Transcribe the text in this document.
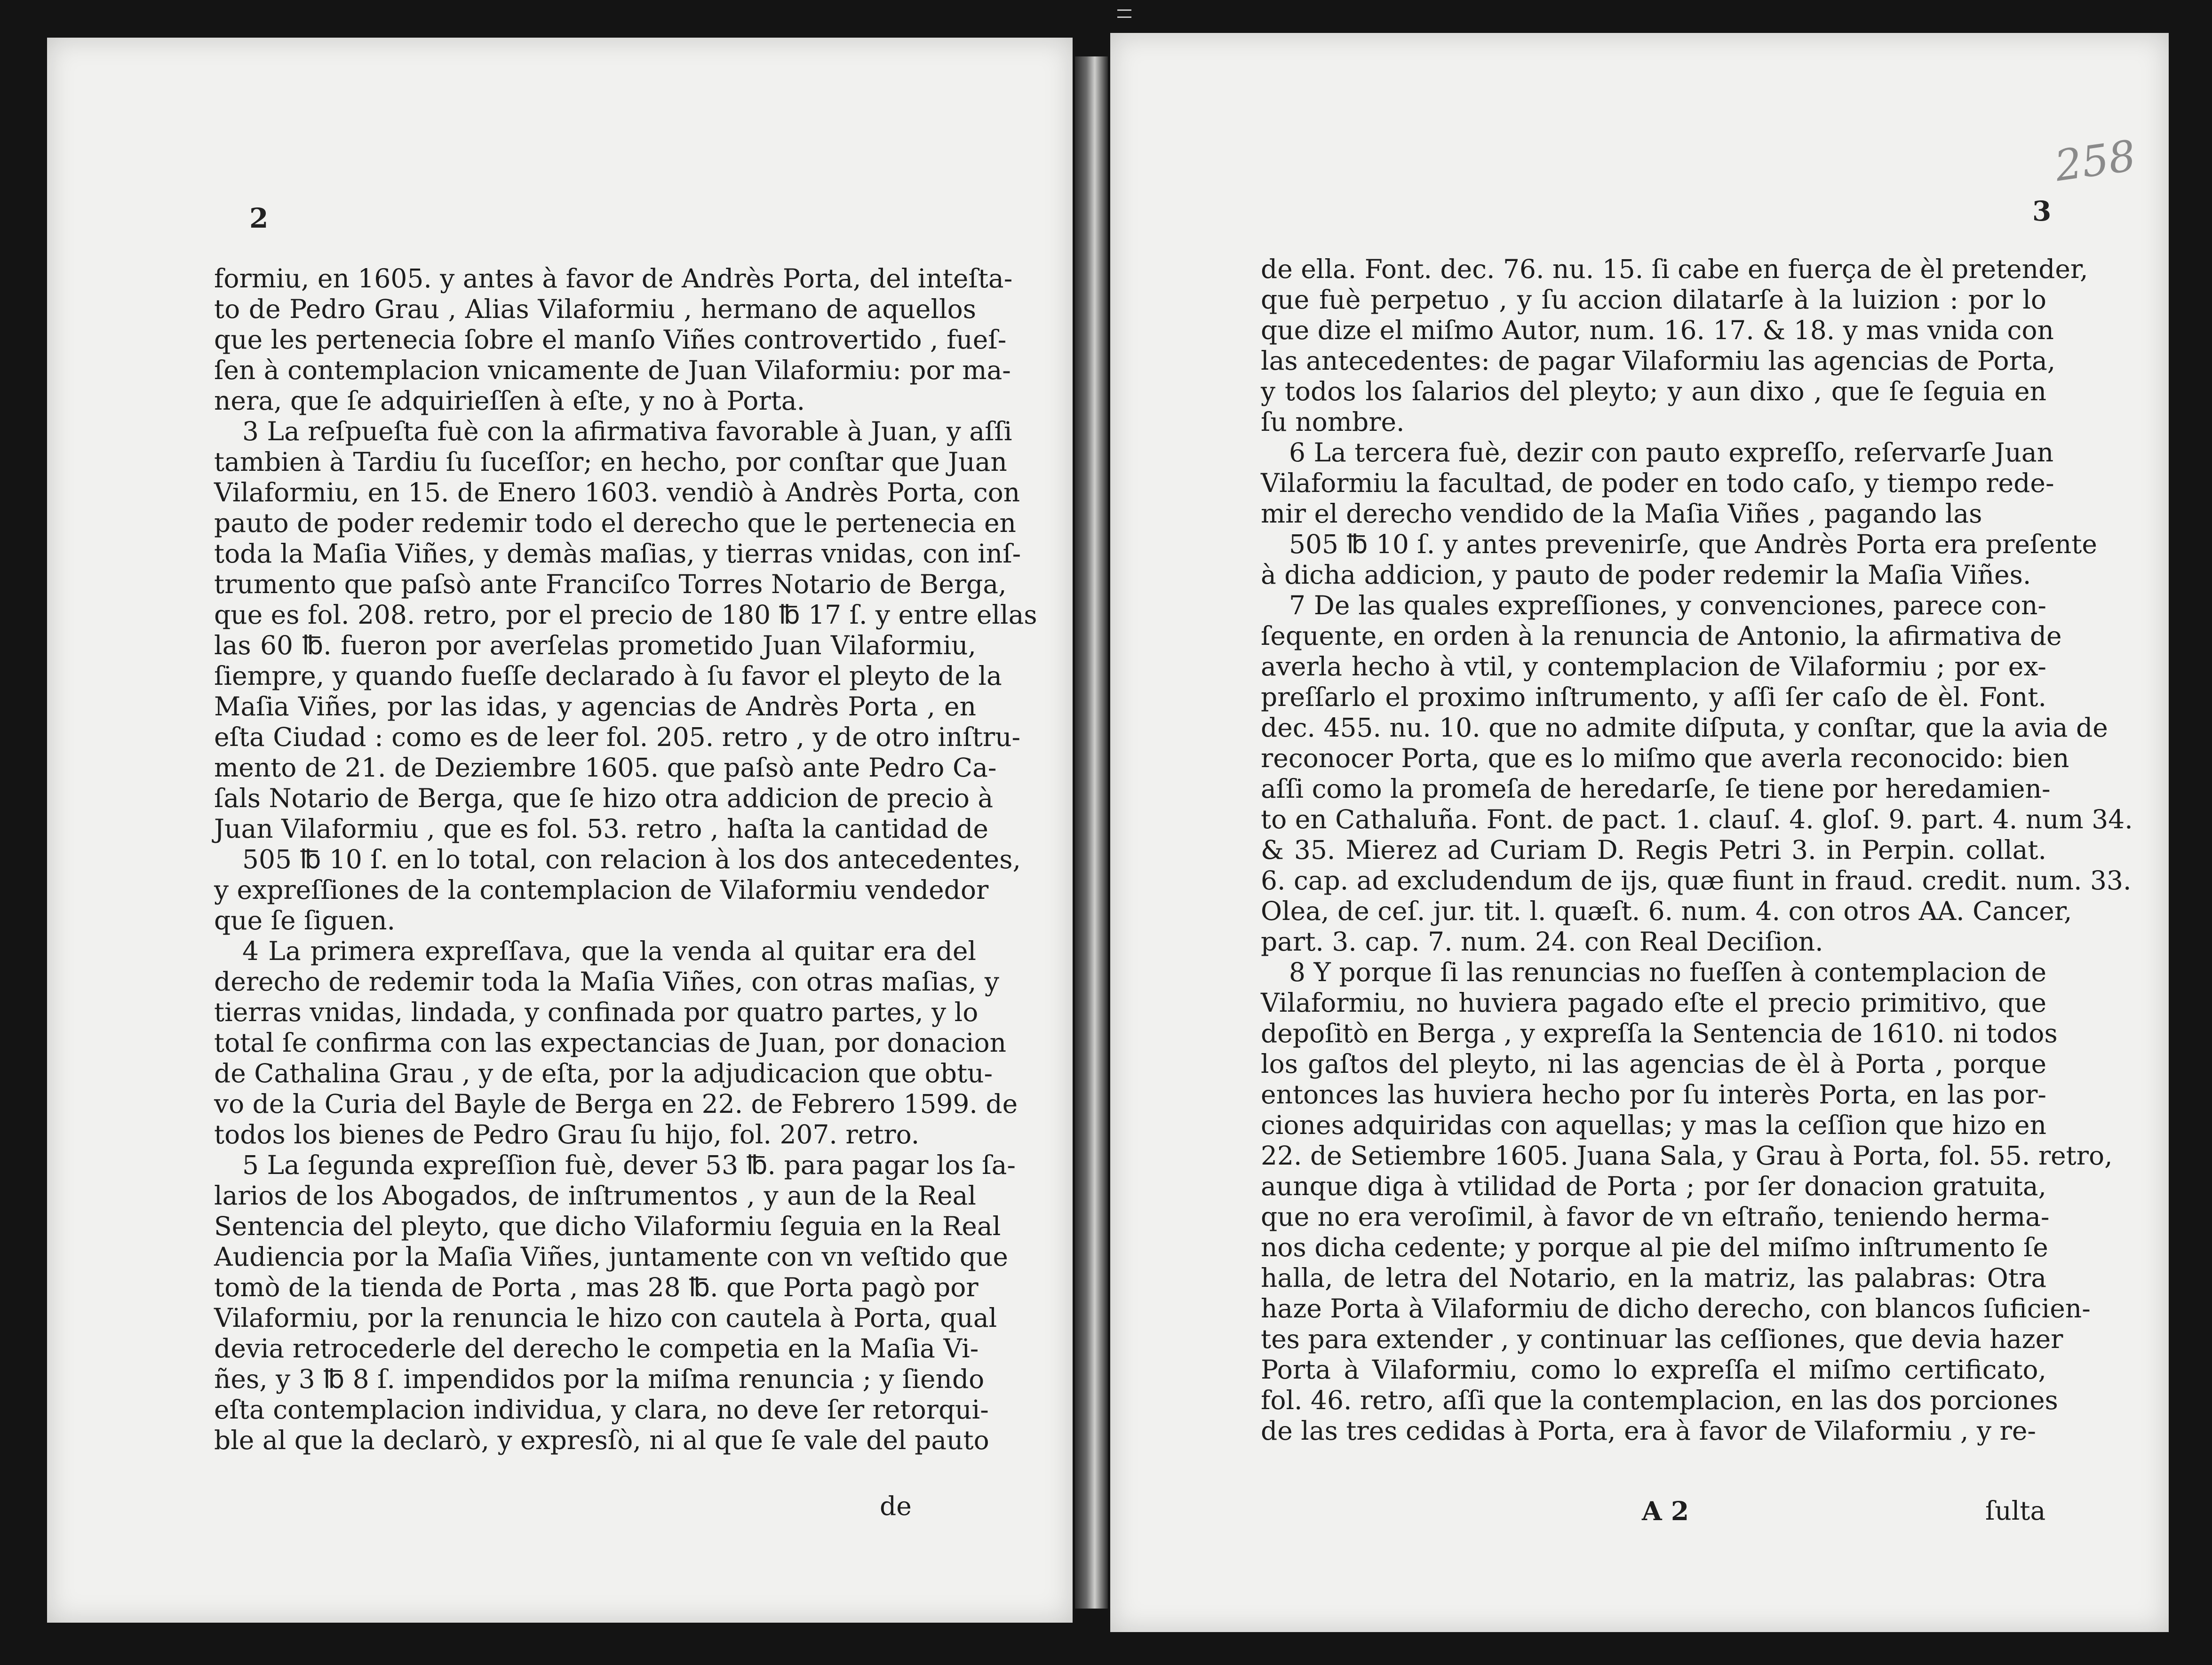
2
formiu, en 1605. y antes à favor de Andrès Porta, del inteſta-
to de Pedro Grau , Alias Vilaformiu , hermano de aquellos
que les pertenecia ſobre el manſo Viñes controvertido , fueſ-
ſen à contemplacion vnicamente de Juan Vilaformiu: por ma-
nera, que ſe adquirieſſen à eſte, y no à Porta.
3 La reſpueſta fuè con la afirmativa favorable à Juan, y aſſi
tambien à Tardiu ſu ſuceſſor; en hecho, por conſtar que Juan
Vilaformiu, en 15. de Enero 1603. vendiò à Andrès Porta, con
pauto de poder redemir todo el derecho que le pertenecia en
toda la Maſia Viñes, y demàs maſias, y tierras vnidas, con inſ-
trumento que paſsò ante Franciſco Torres Notario de Berga,
que es fol. 208. retro, por el precio de 180 ℔ 17 ſ. y entre ellas
las 60 ℔. fueron por averſelas prometido Juan Vilaformiu,
ſiempre, y quando fueſſe declarado à ſu favor el pleyto de la
Maſia Viñes, por las idas, y agencias de Andrès Porta , en
eſta Ciudad : como es de leer fol. 205. retro , y de otro inſtru-
mento de 21. de Deziembre 1605. que paſsò ante Pedro Ca-
ſals Notario de Berga, que ſe hizo otra addicion de precio à
Juan Vilaformiu , que es fol. 53. retro , haſta la cantidad de
505 ℔ 10 ſ. en lo total, con relacion à los dos antecedentes,
y expreſſiones de la contemplacion de Vilaformiu vendedor
que ſe ſiguen.
4 La primera expreſſava, que la venda al quitar era del
derecho de redemir toda la Maſia Viñes, con otras maſias, y
tierras vnidas, lindada, y confinada por quatro partes, y lo
total ſe confirma con las expectancias de Juan, por donacion
de Cathalina Grau , y de eſta, por la adjudicacion que obtu-
vo de la Curia del Bayle de Berga en 22. de Febrero 1599. de
todos los bienes de Pedro Grau ſu hijo, fol. 207. retro.
5 La ſegunda expreſſion fuè, dever 53 ℔. para pagar los ſa-
larios de los Abogados, de inſtrumentos , y aun de la Real
Sentencia del pleyto, que dicho Vilaformiu ſeguia en la Real
Audiencia por la Maſia Viñes, juntamente con vn veſtido que
tomò de la tienda de Porta , mas 28 ℔. que Porta pagò por
Vilaformiu, por la renuncia le hizo con cautela à Porta, qual
devia retrocederle del derecho le competia en la Maſia Vi-
ñes, y 3 ℔ 8 ſ. impendidos por la miſma renuncia ; y ſiendo
eſta contemplacion individua, y clara, no deve ſer retorqui-
ble al que la declarò, y expresſò, ni al que ſe vale del pauto
de
258
3
de ella. Font. dec. 76. nu. 15. ſi cabe en fuerça de èl pretender,
que fuè perpetuo , y ſu accion dilatarſe à la luizion : por lo
que dize el miſmo Autor, num. 16. 17. & 18. y mas vnida con
las antecedentes: de pagar Vilaformiu las agencias de Porta,
y todos los ſalarios del pleyto; y aun dixo , que ſe ſeguia en
ſu nombre.
6 La tercera fuè, dezir con pauto expreſſo, reſervarſe Juan
Vilaformiu la facultad, de poder en todo caſo, y tiempo rede-
mir el derecho vendido de la Maſia Viñes , pagando las
505 ℔ 10 ſ. y antes prevenirſe, que Andrès Porta era preſente
à dicha addicion, y pauto de poder redemir la Maſia Viñes.
7 De las quales expreſſiones, y convenciones, parece con-
ſequente, en orden à la renuncia de Antonio, la afirmativa de
averla hecho à vtil, y contemplacion de Vilaformiu ; por ex-
preſſarlo el proximo inſtrumento, y aſſi ſer caſo de èl. Font.
dec. 455. nu. 10. que no admite diſputa, y conſtar, que la avia de
reconocer Porta, que es lo miſmo que averla reconocido: bien
aſſi como la promeſa de heredarſe, ſe tiene por heredamien-
to en Cathaluña. Font. de pact. 1. clauſ. 4. gloſ. 9. part. 4. num 34.
& 35. Mierez ad Curiam D. Regis Petri 3. in Perpin. collat.
6. cap. ad excludendum de ijs, quæ fiunt in fraud. credit. num. 33.
Olea, de ceſ. jur. tit. l. quæſt. 6. num. 4. con otros AA. Cancer,
part. 3. cap. 7. num. 24. con Real Deciſion.
8 Y porque ſi las renuncias no fueſſen à contemplacion de
Vilaformiu, no huviera pagado eſte el precio primitivo, que
depoſitò en Berga , y expreſſa la Sentencia de 1610. ni todos
los gaſtos del pleyto, ni las agencias de èl à Porta , porque
entonces las huviera hecho por ſu interès Porta, en las por-
ciones adquiridas con aquellas; y mas la ceſſion que hizo en
22. de Setiembre 1605. Juana Sala, y Grau à Porta, fol. 55. retro,
aunque diga à vtilidad de Porta ; por ſer donacion gratuita,
que no era veroſimil, à favor de vn eſtraño, teniendo herma-
nos dicha cedente; y porque al pie del miſmo inſtrumento ſe
halla, de letra del Notario, en la matriz, las palabras: Otra
haze Porta à Vilaformiu de dicho derecho, con blancos ſuficien-
tes para extender , y continuar las ceſſiones, que devia hazer
Porta à Vilaformiu, como lo expreſſa el miſmo certificato,
fol. 46. retro, aſſi que la contemplacion, en las dos porciones
de las tres cedidas à Porta, era à favor de Vilaformiu , y re-
A 2	ſulta
